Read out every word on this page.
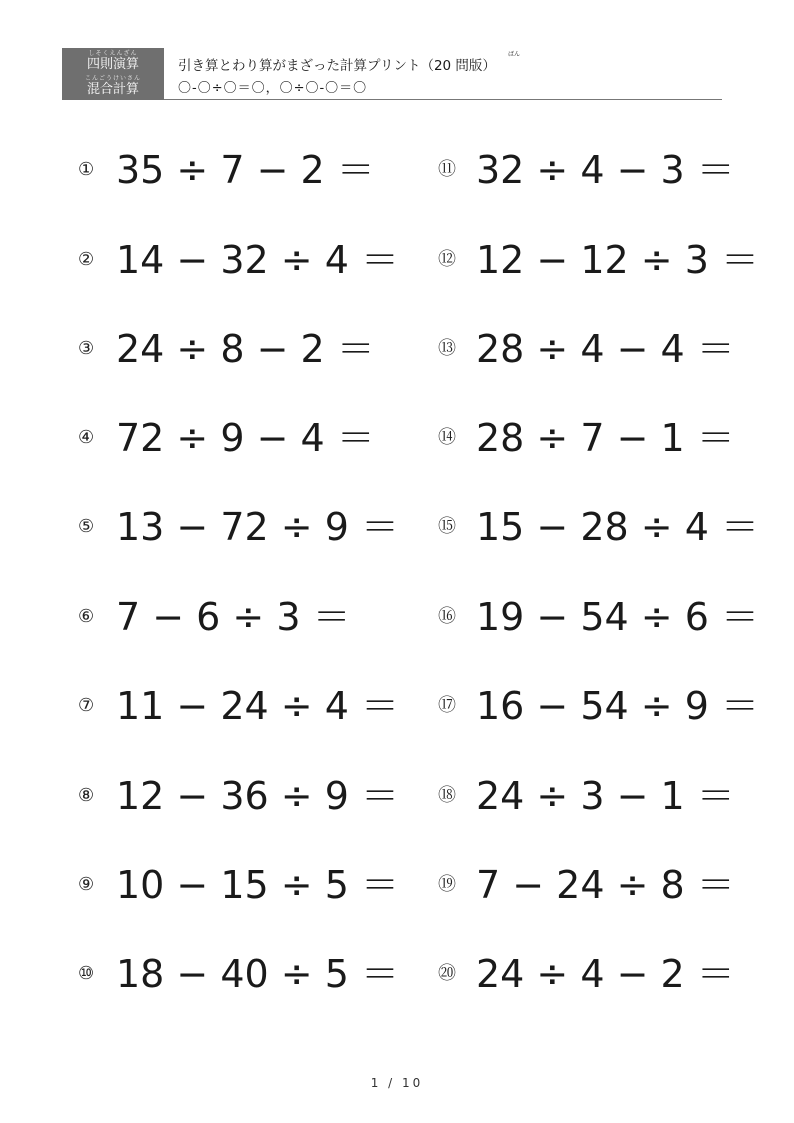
しそくえんざん
四則演算
こんごうけいさん
混合計算
ばん
引き算とわり算がまざった計算プリント（20 問版）
〇-〇÷〇＝〇，〇÷〇-〇＝〇
① 35 ÷ 7 − 2 ＝
② 14 − 32 ÷ 4 ＝
③ 24 ÷ 8 − 2 ＝
④ 72 ÷ 9 − 4 ＝
⑤ 13 − 72 ÷ 9 ＝
⑥ 7 − 6 ÷ 3 ＝
⑦ 11 − 24 ÷ 4 ＝
⑧ 12 − 36 ÷ 9 ＝
⑨ 10 − 15 ÷ 5 ＝
⑩ 18 − 40 ÷ 5 ＝
⑪ 32 ÷ 4 − 3 ＝
⑫ 12 − 12 ÷ 3 ＝
⑬ 28 ÷ 4 − 4 ＝
⑭ 28 ÷ 7 − 1 ＝
⑮ 15 − 28 ÷ 4 ＝
⑯ 19 − 54 ÷ 6 ＝
⑰ 16 − 54 ÷ 9 ＝
⑱ 24 ÷ 3 − 1 ＝
⑲ 7 − 24 ÷ 8 ＝
⑳ 24 ÷ 4 − 2 ＝
1 / 10
